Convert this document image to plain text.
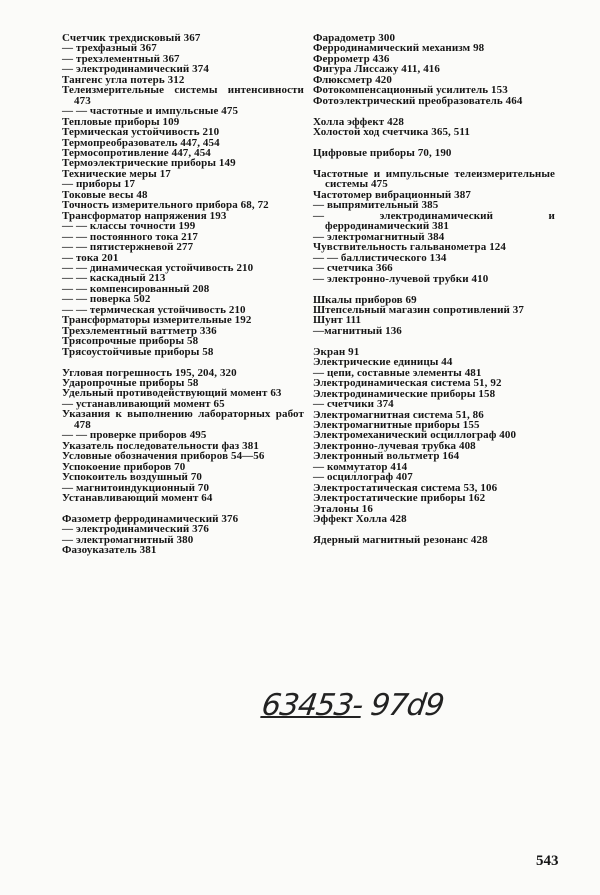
Счетчик трехдисковый 367
— трехфазный 367
— трехэлементный 367
— электродинамический 374
Тангенс угла потерь 312
Телеизмерительные системы интенсивности 473
— — частотные и импульсные 475
Тепловые приборы 109
Термическая устойчивость 210
Термопреобразователь 447, 454
Термосопротивление 447, 454
Термоэлектрические приборы 149
Технические меры 17
— приборы 17
Токовые весы 48
Точность измерительного прибора 68, 72
Трансформатор напряжения 193
— — классы точности 199
— — постоянного тока 217
— — пятистержневой 277
— тока 201
— — динамическая устойчивость 210
— — каскадный 213
— — компенсированный 208
— — поверка 502
— — термическая устойчивость 210
Трансформаторы измерительные 192
Трехэлементный ваттметр 336
Трясопрочные приборы 58
Трясоустойчивые приборы 58
Угловая погрешность 195, 204, 320
Ударопрочные приборы 58
Удельный противодействующий момент 63
— устанавливающий момент 65
Указания к выполнению лабораторных работ 478
— — проверке приборов 495
Указатель последовательности фаз 381
Условные обозначения приборов 54—56
Успокоение приборов 70
Успокоитель воздушный 70
— магнитоиндукционный 70
Устанавливающий момент 64
Фазометр ферродинамический 376
— электродинамический 376
— электромагнитный 380
Фазоуказатель 381
Фарадометр 300
Ферродинамический механизм 98
Феррометр 436
Фигура Лиссажу 411, 416
Флюксметр 420
Фотокомпенсационный усилитель 153
Фотоэлектрический преобразователь 464
Холла эффект 428
Холостой ход счетчика 365, 511
Цифровые приборы 70, 190
Частотные и импульсные телеизмерительные системы 475
Частотомер вибрационный 387
— выпрямительный 385
— электродинамический и ферродинамический 381
— электромагнитный 384
Чувствительность гальванометра 124
— — баллистического 134
— счетчика 366
— электронно-лучевой трубки 410
Шкалы приборов 69
Штепсельный магазин сопротивлений 37
Шунт 111
—магнитный 136
Экран 91
Электрические единицы 44
— цепи, составные элементы 481
Электродинамическая система 51, 92
Электродинамические приборы 158
— счетчики 374
Электромагнитная система 51, 86
Электромагнитные приборы 155
Электромеханический осциллограф 400
Электронно-лучевая трубка 408
Электронный вольтметр 164
— коммутатор 414
— осциллограф 407
Электростатическая система 53, 106
Электростатические приборы 162
Эталоны 16
Эффект Холла 428
Ядерный магнитный резонанс 428
63453- 97d9
543
